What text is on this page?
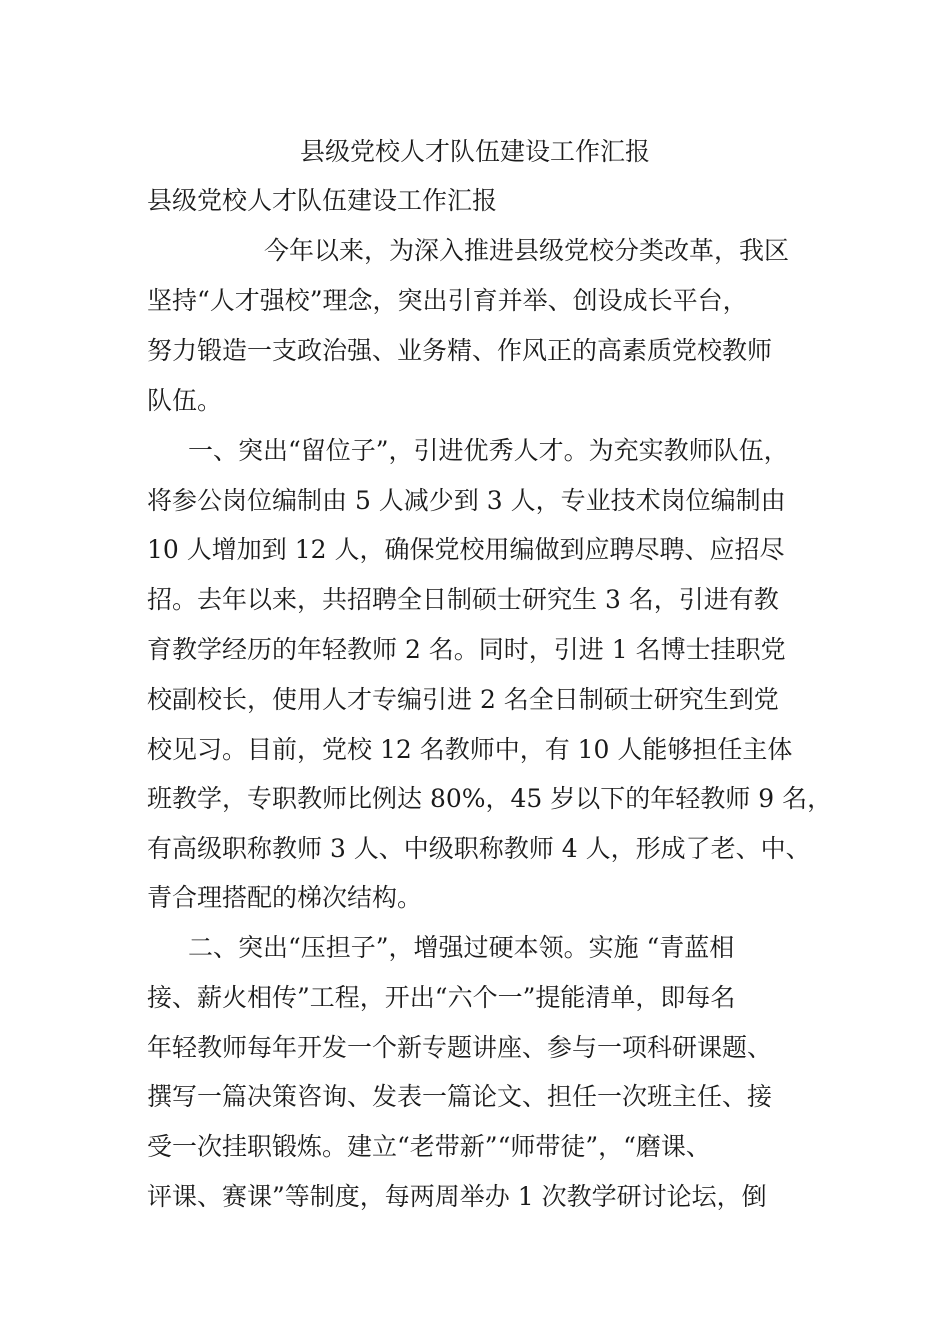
县级党校人才队伍建设工作汇报
县级党校人才队伍建设工作汇报
今年以来，为深入推进县级党校分类改革，我区
坚持“人才强校”理念，突出引育并举、创设成长平台，
努力锻造一支政治强、业务精、作风正的高素质党校教师
队伍。
一、突出“留位子”，引进优秀人才。为充实教师队伍，
将参公岗位编制由 5 人减少到 3 人，专业技术岗位编制由
10 人增加到 12 人，确保党校用编做到应聘尽聘、应招尽
招。去年以来，共招聘全日制硕士研究生 3 名，引进有教
育教学经历的年轻教师 2 名。同时，引进 1 名博士挂职党
校副校长，使用人才专编引进 2 名全日制硕士研究生到党
校见习。目前，党校 12 名教师中，有 10 人能够担任主体
班教学，专职教师比例达 80%，45 岁以下的年轻教师 9 名，
有高级职称教师 3 人、中级职称教师 4 人，形成了老、中、
青合理搭配的梯次结构。
二、突出“压担子”，增强过硬本领。实施 “青蓝相
接、薪火相传”工程，开出“六个一”提能清单，即每名
年轻教师每年开发一个新专题讲座、参与一项科研课题、
撰写一篇决策咨询、发表一篇论文、担任一次班主任、接
受一次挂职锻炼。建立“老带新”“师带徒”，“磨课、
评课、赛课”等制度，每两周举办 1 次教学研讨论坛，倒
